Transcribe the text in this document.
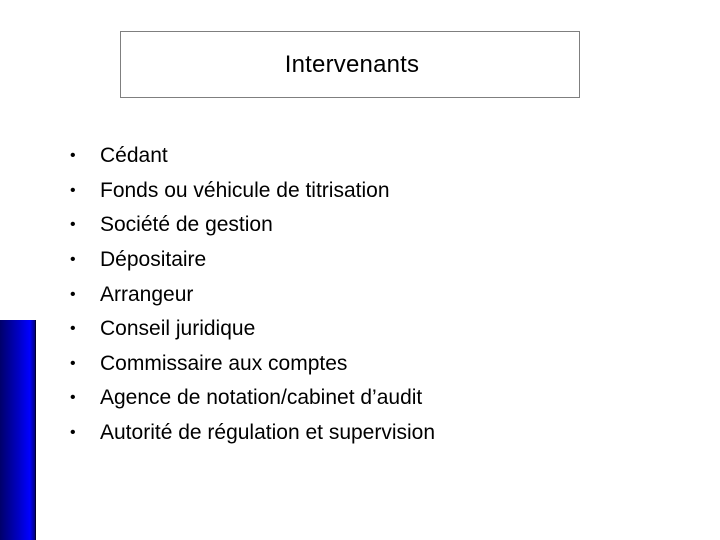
Intervenants
•	Cédant
•	Fonds ou véhicule de titrisation
•	Société de gestion
•	Dépositaire
•	Arrangeur
•	Conseil juridique
•	Commissaire aux comptes
•	Agence de notation/cabinet d’audit
•	Autorité de régulation et supervision
